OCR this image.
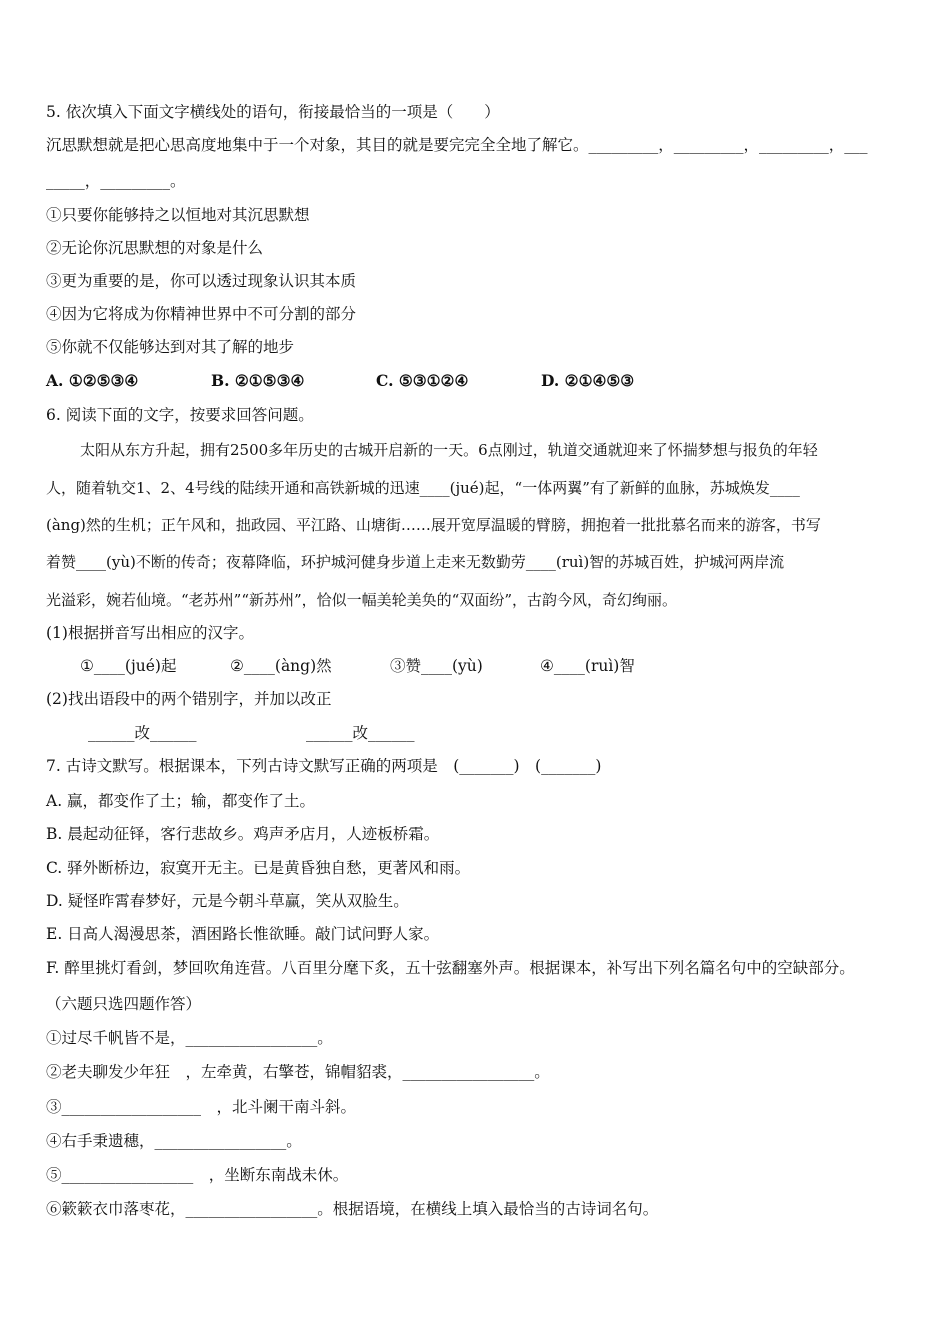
5. 依次填入下面文字横线处的语句，衔接最恰当的一项是（　　）
沉思默想就是把心思高度地集中于一个对象，其目的就是要完完全全地了解它。_________，_________，_________，___
_____，_________。
①只要你能够持之以恒地对其沉思默想
②无论你沉思默想的对象是什么
③更为重要的是，你可以透过现象认识其本质
④因为它将成为你精神世界中不可分割的部分
⑤你就不仅能够达到对其了解的地步
A. ①②⑤③④	B. ②①⑤③④	C. ⑤③①②④	D. ②①④⑤③
6. 阅读下面的文字，按要求回答问题。
太阳从东方升起，拥有2500多年历史的古城开启新的一天。6点刚过，轨道交通就迎来了怀揣梦想与报负的年轻
人，随着轨交1、2、4号线的陆续开通和高铁新城的迅速____(jué)起，“一体两翼”有了新鲜的血脉，苏城焕发____
(àng)然的生机；正午风和，拙政园、平江路、山塘街……展开宽厚温暖的臂膀，拥抱着一批批慕名而来的游客，书写
着赞____(yù)不断的传奇；夜幕降临，环护城河健身步道上走来无数勤劳____(ruì)智的苏城百姓，护城河两岸流
光溢彩，婉若仙境。“老苏州”“新苏州”，恰似一幅美轮美奂的“双面纷”，古韵今风，奇幻绚丽。
(1)根据拼音写出相应的汉字。
①____(jué)起	②____(àng)然	③赞____(yù)	④____(ruì)智
(2)找出语段中的两个错别字，并加以改正
______改______	______改______
7. 古诗文默写。根据课本，下列古诗文默写正确的两项是　(_______)　(_______)
A. 赢，都变作了土；输，都变作了土。
B. 晨起动征铎，客行悲故乡。鸡声矛店月，人迹板桥霜。
C. 驿外断桥边，寂寞开无主。已是黄昏独自愁，更著风和雨。
D. 疑怪昨霄春梦好，元是今朝斗草赢，笑从双脸生。
E. 日高人渴漫思茶，酒困路长惟欲睡。敲门试问野人家。
F. 醉里挑灯看剑，梦回吹角连营。八百里分麾下炙，五十弦翻塞外声。根据课本，补写出下列名篇名句中的空缺部分。
（六题只选四题作答）
①过尽千帆皆不是，_________________。
②老夫聊发少年狂　，左牵黄，右擎苍，锦帽貂裘，_________________。
③__________________　，北斗阑干南斗斜。
④右手秉遗穗，_________________。
⑤_________________　，坐断东南战未休。
⑥簌簌衣巾落枣花，_________________。根据语境，在横线上填入最恰当的古诗词名句。
